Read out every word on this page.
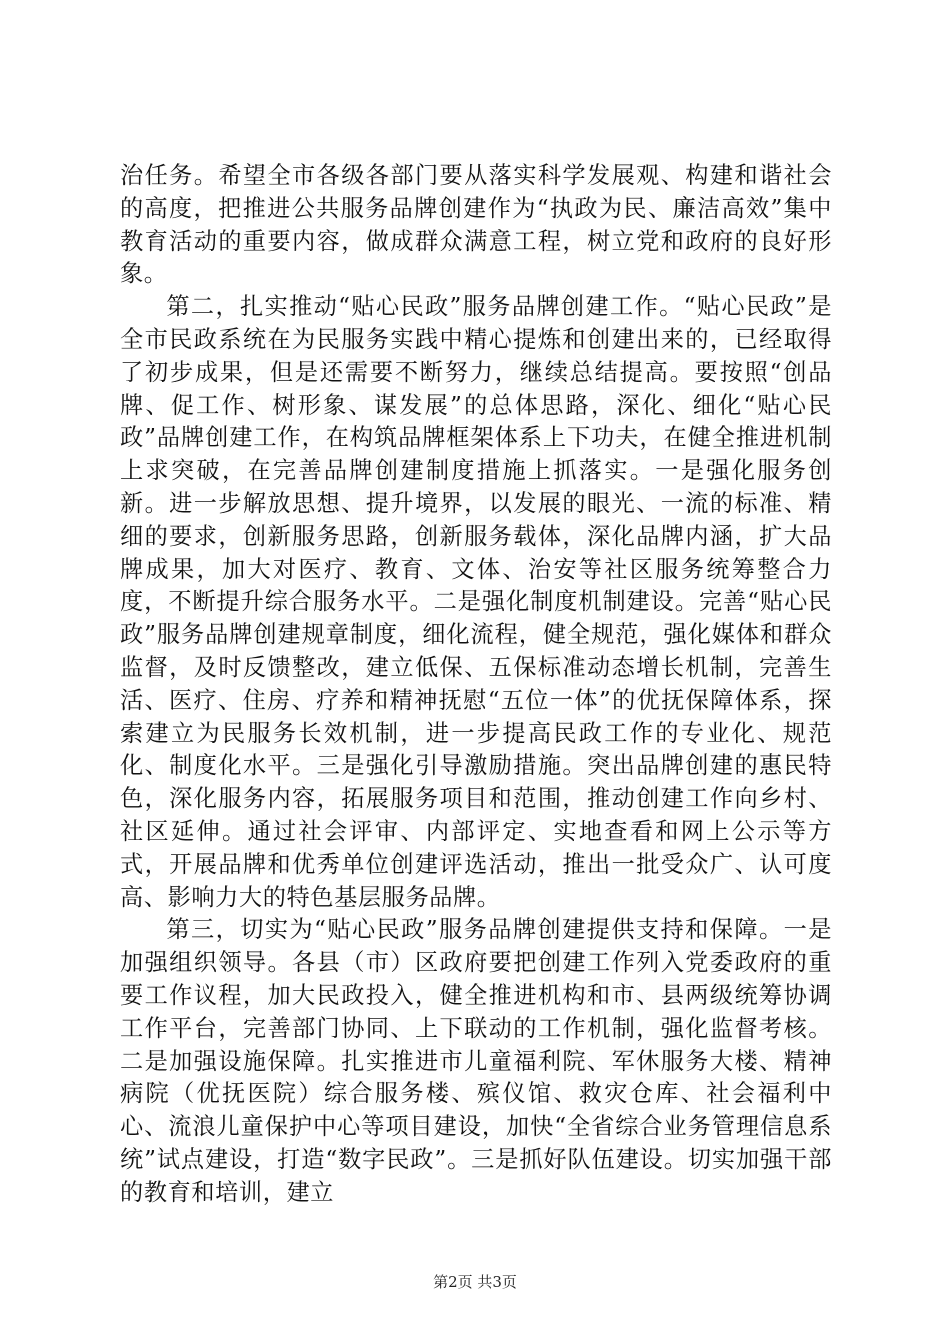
治任务。希望全市各级各部门要从落实科学发展观、构建和谐社会的高度，把推进公共服务品牌创建作为“执政为民、廉洁高效”集中教育活动的重要内容，做成群众满意工程，树立党和政府的良好形象。

第二，扎实推动“贴心民政”服务品牌创建工作。“贴心民政”是全市民政系统在为民服务实践中精心提炼和创建出来的，已经取得了初步成果，但是还需要不断努力，继续总结提高。要按照“创品牌、促工作、树形象、谋发展”的总体思路，深化、细化“贴心民政”品牌创建工作，在构筑品牌框架体系上下功夫，在健全推进机制上求突破，在完善品牌创建制度措施上抓落实。一是强化服务创新。进一步解放思想、提升境界，以发展的眼光、一流的标准、精细的要求，创新服务思路，创新服务载体，深化品牌内涵，扩大品牌成果，加大对医疗、教育、文体、治安等社区服务统筹整合力度，不断提升综合服务水平。二是强化制度机制建设。完善“贴心民政”服务品牌创建规章制度，细化流程，健全规范，强化媒体和群众监督，及时反馈整改，建立低保、五保标准动态增长机制，完善生活、医疗、住房、疗养和精神抚慰“五位一体”的优抚保障体系，探索建立为民服务长效机制，进一步提高民政工作的专业化、规范化、制度化水平。三是强化引导激励措施。突出品牌创建的惠民特色，深化服务内容，拓展服务项目和范围，推动创建工作向乡村、社区延伸。通过社会评审、内部评定、实地查看和网上公示等方式，开展品牌和优秀单位创建评选活动，推出一批受众广、认可度高、影响力大的特色基层服务品牌。

第三，切实为“贴心民政”服务品牌创建提供支持和保障。一是加强组织领导。各县（市）区政府要把创建工作列入党委政府的重要工作议程，加大民政投入，健全推进机构和市、县两级统筹协调工作平台，完善部门协同、上下联动的工作机制，强化监督考核。二是加强设施保障。扎实推进市儿童福利院、军休服务大楼、精神病院（优抚医院）综合服务楼、殡仪馆、救灾仓库、社会福利中心、流浪儿童保护中心等项目建设，加快“全省综合业务管理信息系统”试点建设，打造“数字民政”。三是抓好队伍建设。切实加强干部的教育和培训，建立

第2页 共3页
